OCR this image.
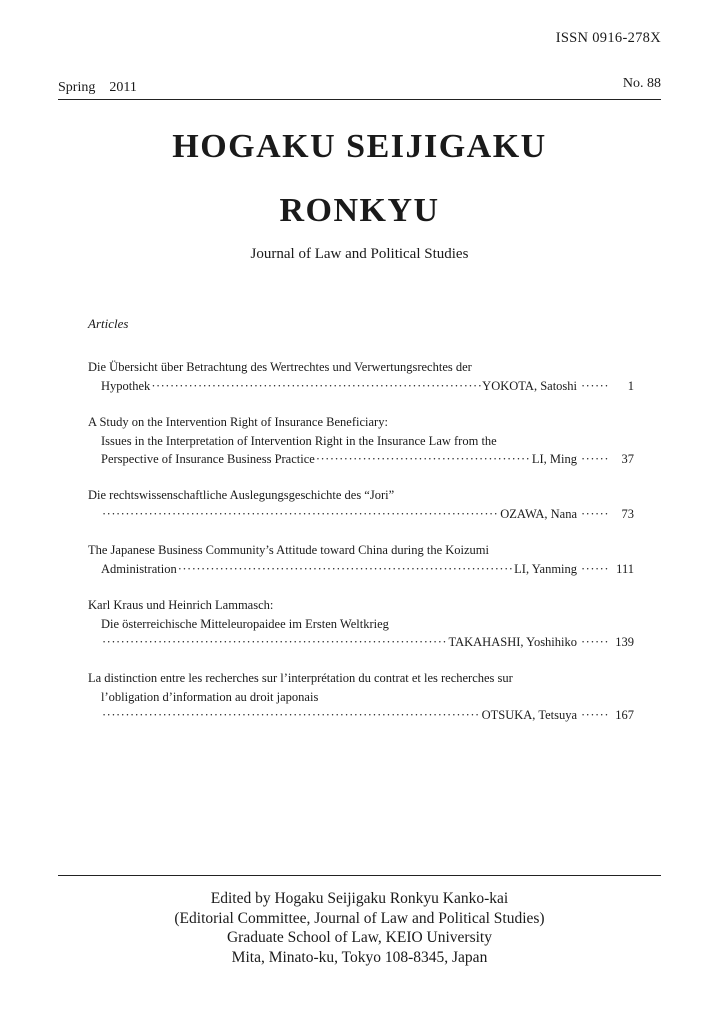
ISSN 0916-278X
Spring　2011	No. 88
HOGAKU SEIJIGAKU
RONKYU
Journal of Law and Political Studies
Articles
Die Übersicht über Betrachtung des Wertrechtes und Verwertungsrechtes der
Hypothek ·····	YOKOTA, Satoshi ······	1
A Study on the Intervention Right of Insurance Beneficiary:
Issues in the Interpretation of Intervention Right in the Insurance Law from the
Perspective of Insurance Business Practice ·····	LI, Ming ······	37
Die rechtswissenschaftliche Auslegungsgeschichte des “Jori”
·····
OZAWA, Nana ······	73
The Japanese Business Community’s Attitude toward China during the Koizumi
Administration ·····	LI, Yanming ······ 111
Karl Kraus und Heinrich Lammasch:
Die österreichische Mitteleuropaidee im Ersten Weltkrieg
·····
TAKAHASHI, Yoshihiko ······ 139
La distinction entre les recherches sur l’interprétation du contrat et les recherches sur
l’obligation d’information au droit japonais
·····
OTSUKA, Tetsuya ······ 167
Edited by Hogaku Seijigaku Ronkyu Kanko-kai
(Editorial Committee, Journal of Law and Political Studies)
Graduate School of Law, KEIO University
Mita, Minato-ku, Tokyo 108-8345, Japan
